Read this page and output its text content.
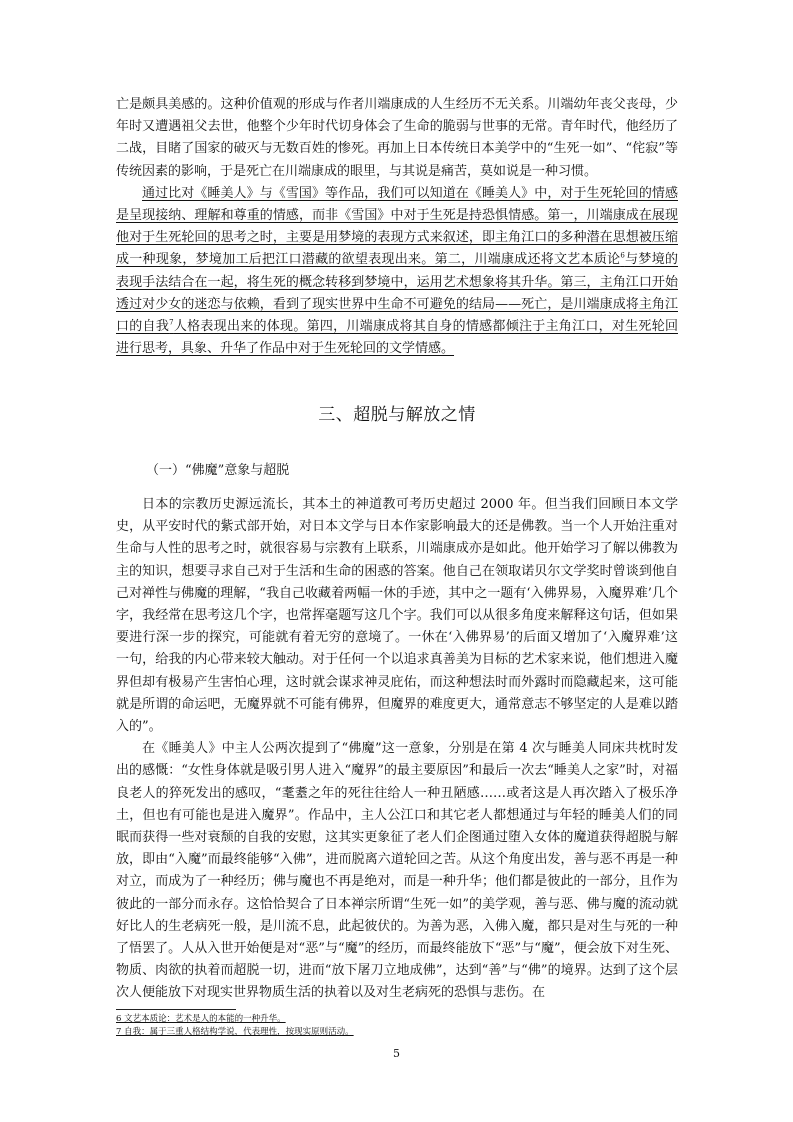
亡是颇具美感的。这种价值观的形成与作者川端康成的人生经历不无关系。川端幼年丧父丧母，少年时又遭遇祖父去世，他整个少年时代切身体会了生命的脆弱与世事的无常。青年时代，他经历了二战，目睹了国家的破灭与无数百姓的惨死。再加上日本传统日本美学中的“生死一如”、“侘寂”等传统因素的影响，于是死亡在川端康成的眼里，与其说是痛苦，莫如说是一种习惯。

通过比对《睡美人》与《雪国》等作品，我们可以知道在《睡美人》中，对于生死轮回的情感是呈现接纳、理解和尊重的情感，而非《雪国》中对于生死是持恐惧情感。第一，川端康成在展现他对于生死轮回的思考之时，主要是用梦境的表现方式来叙述，即主角江口的多种潜在思想被压缩成一种现象，梦境加工后把江口潜藏的欲望表现出来。第二，川端康成还将文艺本质论$^6$与梦境的表现手法结合在一起，将生死的概念转移到梦境中，运用艺术想象将其升华。第三，主角江口开始透过对少女的迷恋与依赖，看到了现实世界中生命不可避免的结局——死亡，是川端康成将主角江口的自我$^7$人格表现出来的体现。第四，川端康成将其自身的情感都倾注于主角江口，对生死轮回进行思考，具象、升华了作品中对于生死轮回的文学情感。

三、超脱与解放之情
（一）“佛魔”意象与超脱

日本的宗教历史源远流长，其本土的神道教可考历史超过 2000 年。但当我们回顾日本文学史，从平安时代的紫式部开始，对日本文学与日本作家影响最大的还是佛教。当一个人开始注重对生命与人性的思考之时，就很容易与宗教有上联系，川端康成亦是如此。他开始学习了解以佛教为主的知识，想要寻求自己对于生活和生命的困惑的答案。他自己在领取诺贝尔文学奖时曾谈到他自己对禅性与佛魔的理解，“我自己收藏着两幅一休的手迹，其中之一题有‘入佛界易，入魔界难’几个字，我经常在思考这几个字，也常挥毫题写这几个字。我们可以从很多角度来解释这句话，但如果要进行深一步的探究，可能就有着无穷的意境了。一休在‘入佛界易’的后面又增加了‘入魔界难’这一句，给我的内心带来较大触动。对于任何一个以追求真善美为目标的艺术家来说，他们想进入魔界但却有极易产生害怕心理，这时就会谋求神灵庇佑，而这种想法时而外露时而隐藏起来，这可能就是所谓的命运吧，无魔界就不可能有佛界，但魔界的难度更大，通常意志不够坚定的人是难以踏入的”。

在《睡美人》中主人公两次提到了“佛魔”这一意象，分别是在第 4 次与睡美人同床共枕时发出的感慨：“女性身体就是吸引男人进入“魔界”的最主要原因”和最后一次去“睡美人之家”时，对福良老人的猝死发出的感叹，“耄耋之年的死往往给人一种丑陋感……或者这是人再次踏入了极乐净土，但也有可能也是进入魔界”。作品中，主人公江口和其它老人都想通过与年轻的睡美人们的同眠而获得一些对衰颓的自我的安慰，这其实更象征了老人们企图通过堕入女体的魔道获得超脱与解放，即由“入魔”而最终能够“入佛”，进而脱离六道轮回之苦。从这个角度出发，善与恶不再是一种对立，而成为了一种经历；佛与魔也不再是绝对，而是一种升华；他们都是彼此的一部分，且作为彼此的一部分而永存。这恰恰契合了日本禅宗所谓“生死一如”的美学观，善与恶、佛与魔的流动就好比人的生老病死一般，是川流不息，此起彼伏的。为善为恶，入佛入魔，都只是对生与死的一种了悟罢了。人从入世开始便是对“恶”与“魔”的经历，而最终能放下“恶”与“魔”，便会放下对生死、物质、肉欲的执着而超脱一切，进而“放下屠刀立地成佛”，达到“善”与“佛”的境界。达到了这个层次人便能放下对现实世界物质生活的执着以及对生老病死的恐惧与悲伤。在

6 文艺本质论：艺术是人的本能的一种升华。
7 自我：属于三重人格结构学说，代表理性，按现实原则活动。
5
